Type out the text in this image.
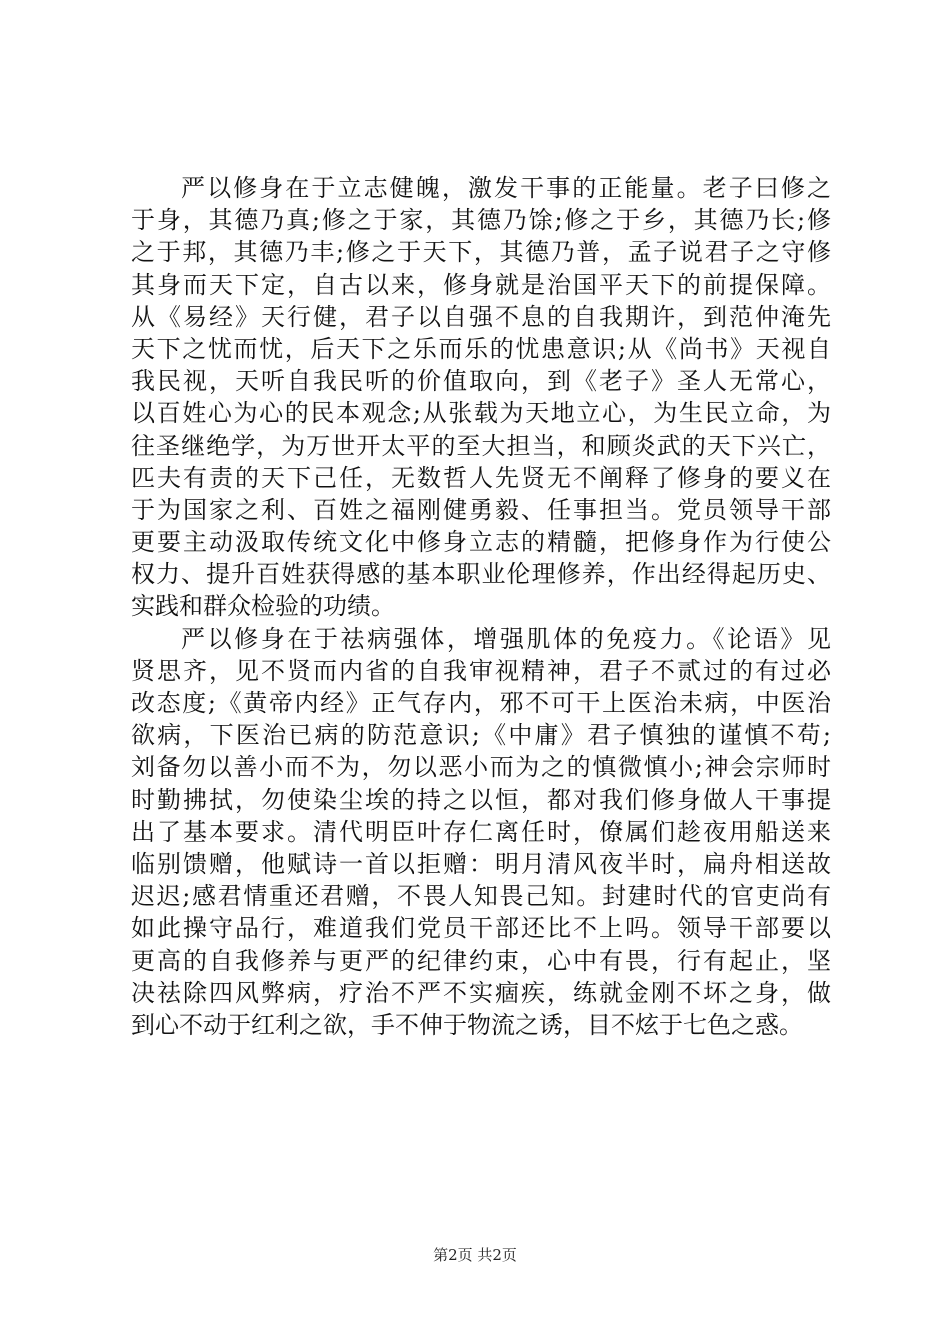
严以修身在于立志健魄，激发干事的正能量。老子曰修之
于身，其德乃真;修之于家，其德乃馀;修之于乡，其德乃长;修
之于邦，其德乃丰;修之于天下，其德乃普，孟子说君子之守修
其身而天下定，自古以来，修身就是治国平天下的前提保障。
从《易经》天行健，君子以自强不息的自我期许，到范仲淹先
天下之忧而忧，后天下之乐而乐的忧患意识;从《尚书》天视自
我民视，天听自我民听的价值取向，到《老子》圣人无常心，
以百姓心为心的民本观念;从张载为天地立心，为生民立命，为
往圣继绝学，为万世开太平的至大担当，和顾炎武的天下兴亡，
匹夫有责的天下己任，无数哲人先贤无不阐释了修身的要义在
于为国家之利、百姓之福刚健勇毅、任事担当。党员领导干部
更要主动汲取传统文化中修身立志的精髓，把修身作为行使公
权力、提升百姓获得感的基本职业伦理修养，作出经得起历史、
实践和群众检验的功绩。
严以修身在于祛病强体，增强肌体的免疫力。《论语》见
贤思齐，见不贤而内省的自我审视精神，君子不贰过的有过必
改态度;《黄帝内经》正气存内，邪不可干上医治未病，中医治
欲病，下医治已病的防范意识;《中庸》君子慎独的谨慎不苟;
刘备勿以善小而不为，勿以恶小而为之的慎微慎小;神会宗师时
时勤拂拭，勿使染尘埃的持之以恒，都对我们修身做人干事提
出了基本要求。清代明臣叶存仁离任时，僚属们趁夜用船送来
临别馈赠，他赋诗一首以拒赠：明月清风夜半时，扁舟相送故
迟迟;感君情重还君赠，不畏人知畏己知。封建时代的官吏尚有
如此操守品行，难道我们党员干部还比不上吗。领导干部要以
更高的自我修养与更严的纪律约束，心中有畏，行有起止，坚
决祛除四风弊病，疗治不严不实痼疾，练就金刚不坏之身，做
到心不动于红利之欲，手不伸于物流之诱，目不炫于七色之惑。
第2页 共2页
